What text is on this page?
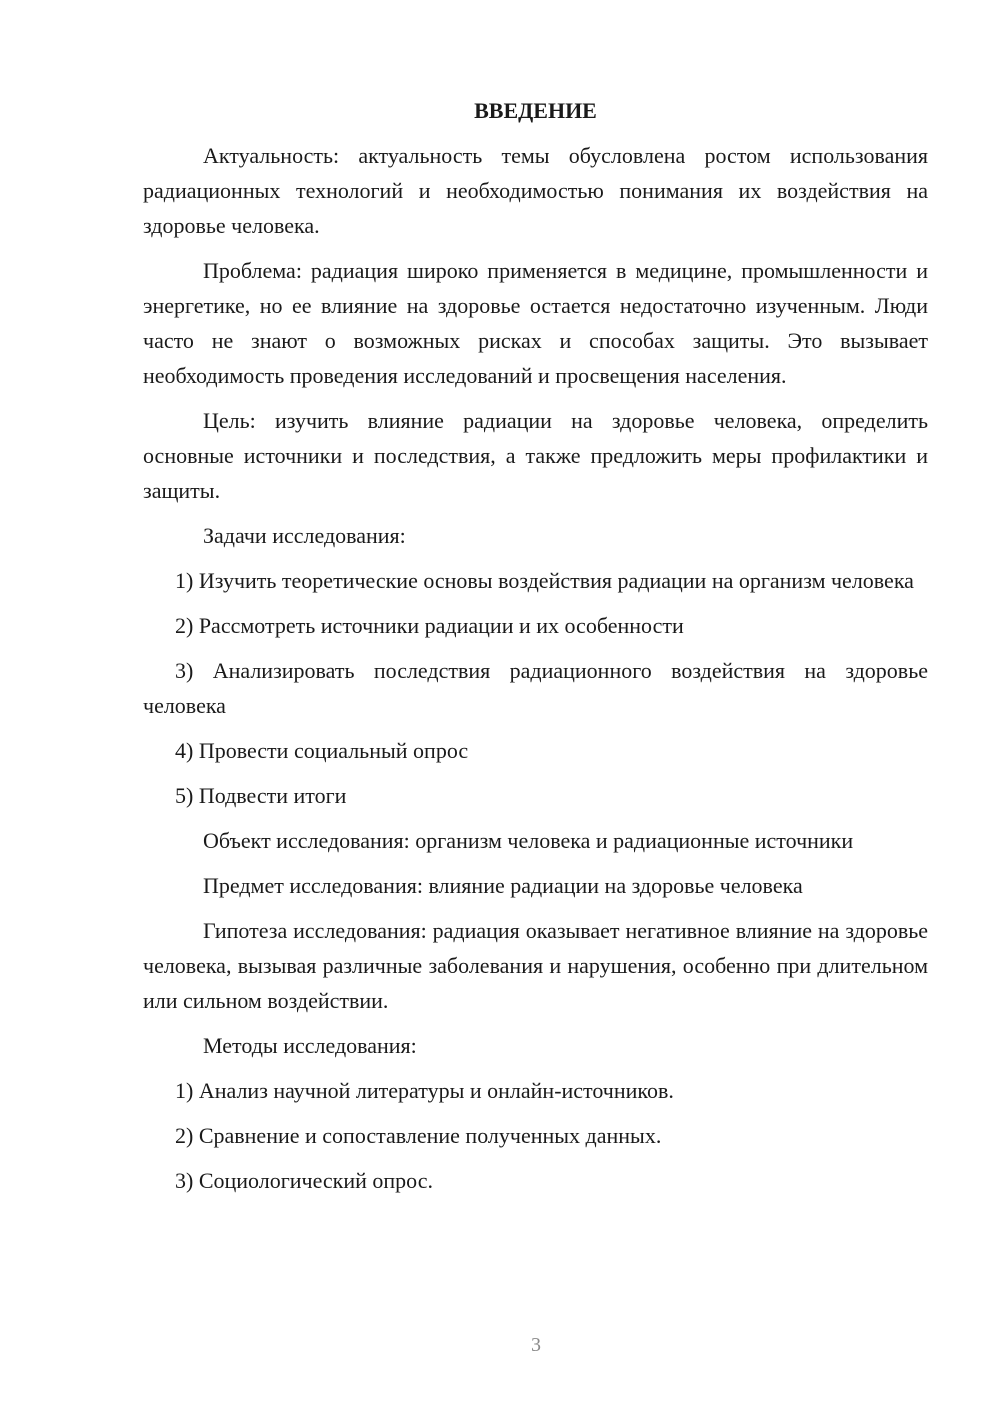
ВВЕДЕНИЕ

Актуальность: актуальность темы обусловлена ростом использования радиационных технологий и необходимостью понимания их воздействия на здоровье человека.

Проблема: радиация широко применяется в медицине, промышленности и энергетике, но ее влияние на здоровье остается недостаточно изученным. Люди часто не знают о возможных рисках и способах защиты. Это вызывает необходимость проведения исследований и просвещения населения.

Цель: изучить влияние радиации на здоровье человека, определить основные источники и последствия, а также предложить меры профилактики и защиты.

Задачи исследования:

1) Изучить теоретические основы воздействия радиации на организм человека

2) Рассмотреть источники радиации и их особенности

3) Анализировать последствия радиационного воздействия на здоровье человека

4) Провести социальный опрос

5) Подвести итоги

Объект исследования: организм человека и радиационные источники

Предмет исследования: влияние радиации на здоровье человека

Гипотеза исследования: радиация оказывает негативное влияние на здоровье человека, вызывая различные заболевания и нарушения, особенно при длительном или сильном воздействии.

Методы исследования:

1) Анализ научной литературы и онлайн-источников.

2) Сравнение и сопоставление полученных данных.

3) Социологический опрос.

3
